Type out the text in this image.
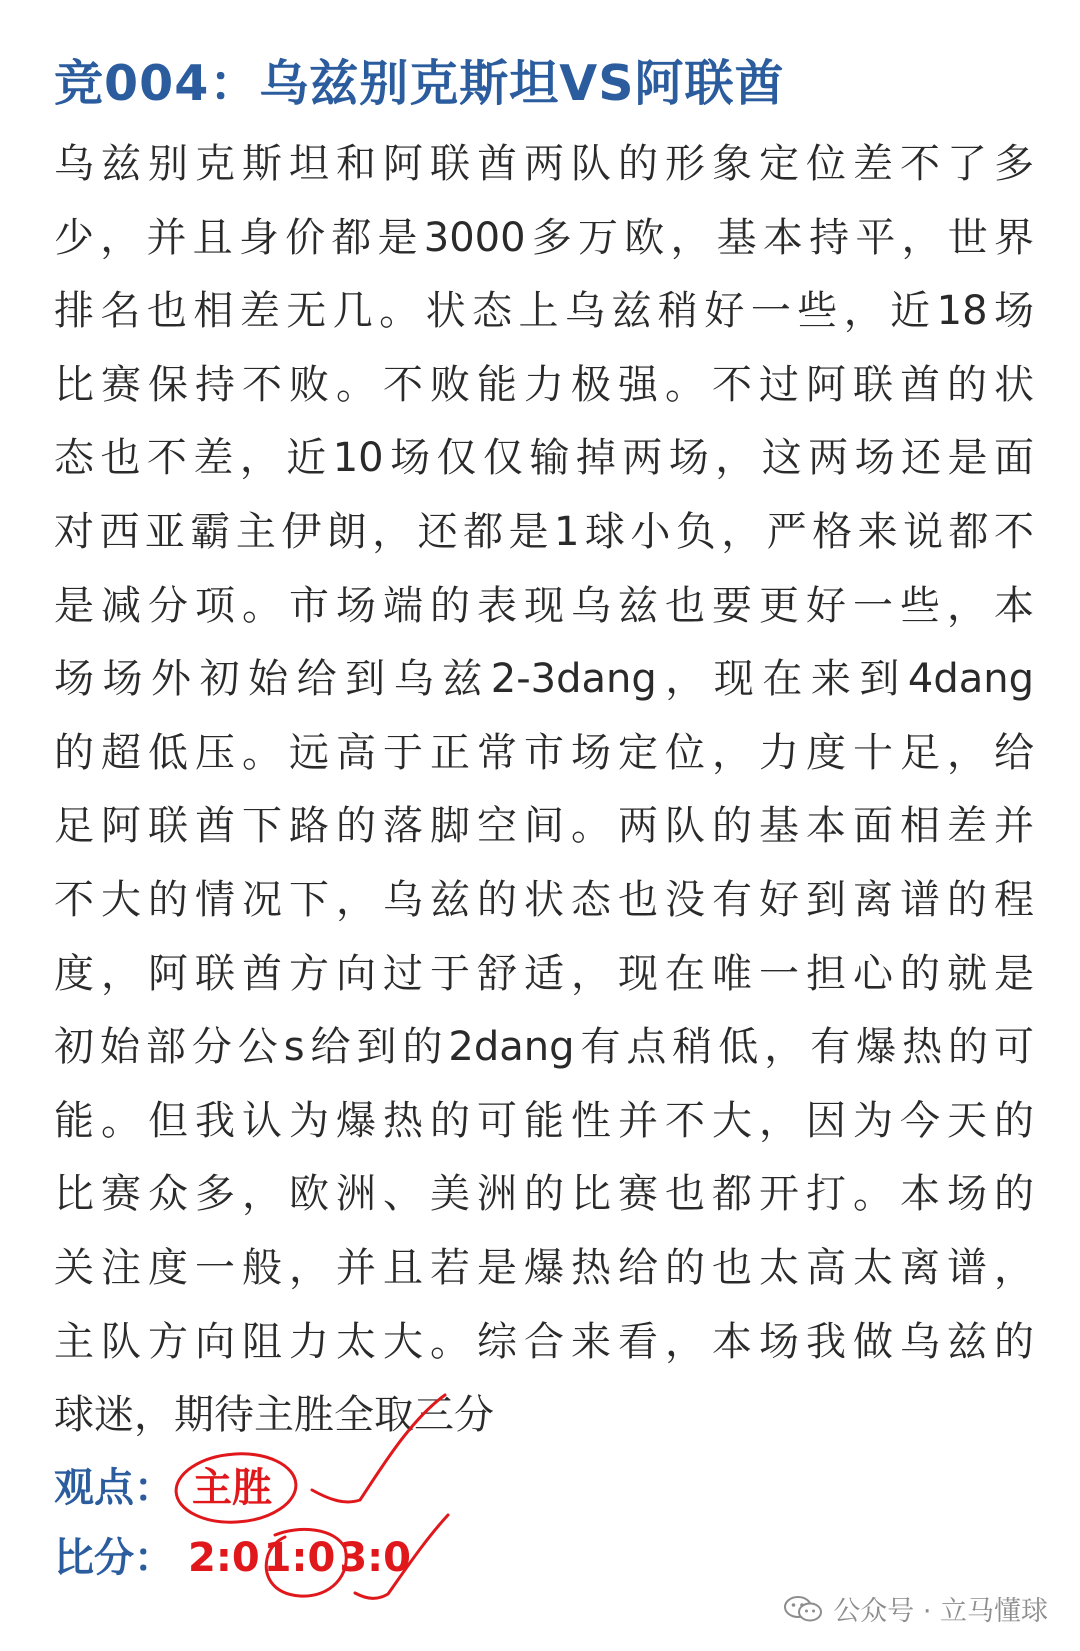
竞004：乌兹别克斯坦VS阿联酋
乌兹别克斯坦和阿联酋两队的形象定位差不了多
少，并且身价都是3000多万欧，基本持平，世界
排名也相差无几。状态上乌兹稍好一些，近18场
比赛保持不败。不败能力极强。不过阿联酋的状
态也不差，近10场仅仅输掉两场，这两场还是面
对西亚霸主伊朗，还都是1球小负，严格来说都不
是减分项。市场端的表现乌兹也要更好一些，本
场场外初始给到乌兹2-3dang，现在来到4dang
的超低压。远高于正常市场定位，力度十足，给
足阿联酋下路的落脚空间。两队的基本面相差并
不大的情况下，乌兹的状态也没有好到离谱的程
度，阿联酋方向过于舒适，现在唯一担心的就是
初始部分公s给到的2dang有点稍低，有爆热的可
能。但我认为爆热的可能性并不大，因为今天的
比赛众多，欧洲、美洲的比赛也都开打。本场的
关注度一般，并且若是爆热给的也太高太离谱，
主队方向阻力太大。综合来看，本场我做乌兹的
球迷，期待主胜全取三分
观点： 主胜
比分： 2:0 1:0 3:0
公众号 · 立马懂球
